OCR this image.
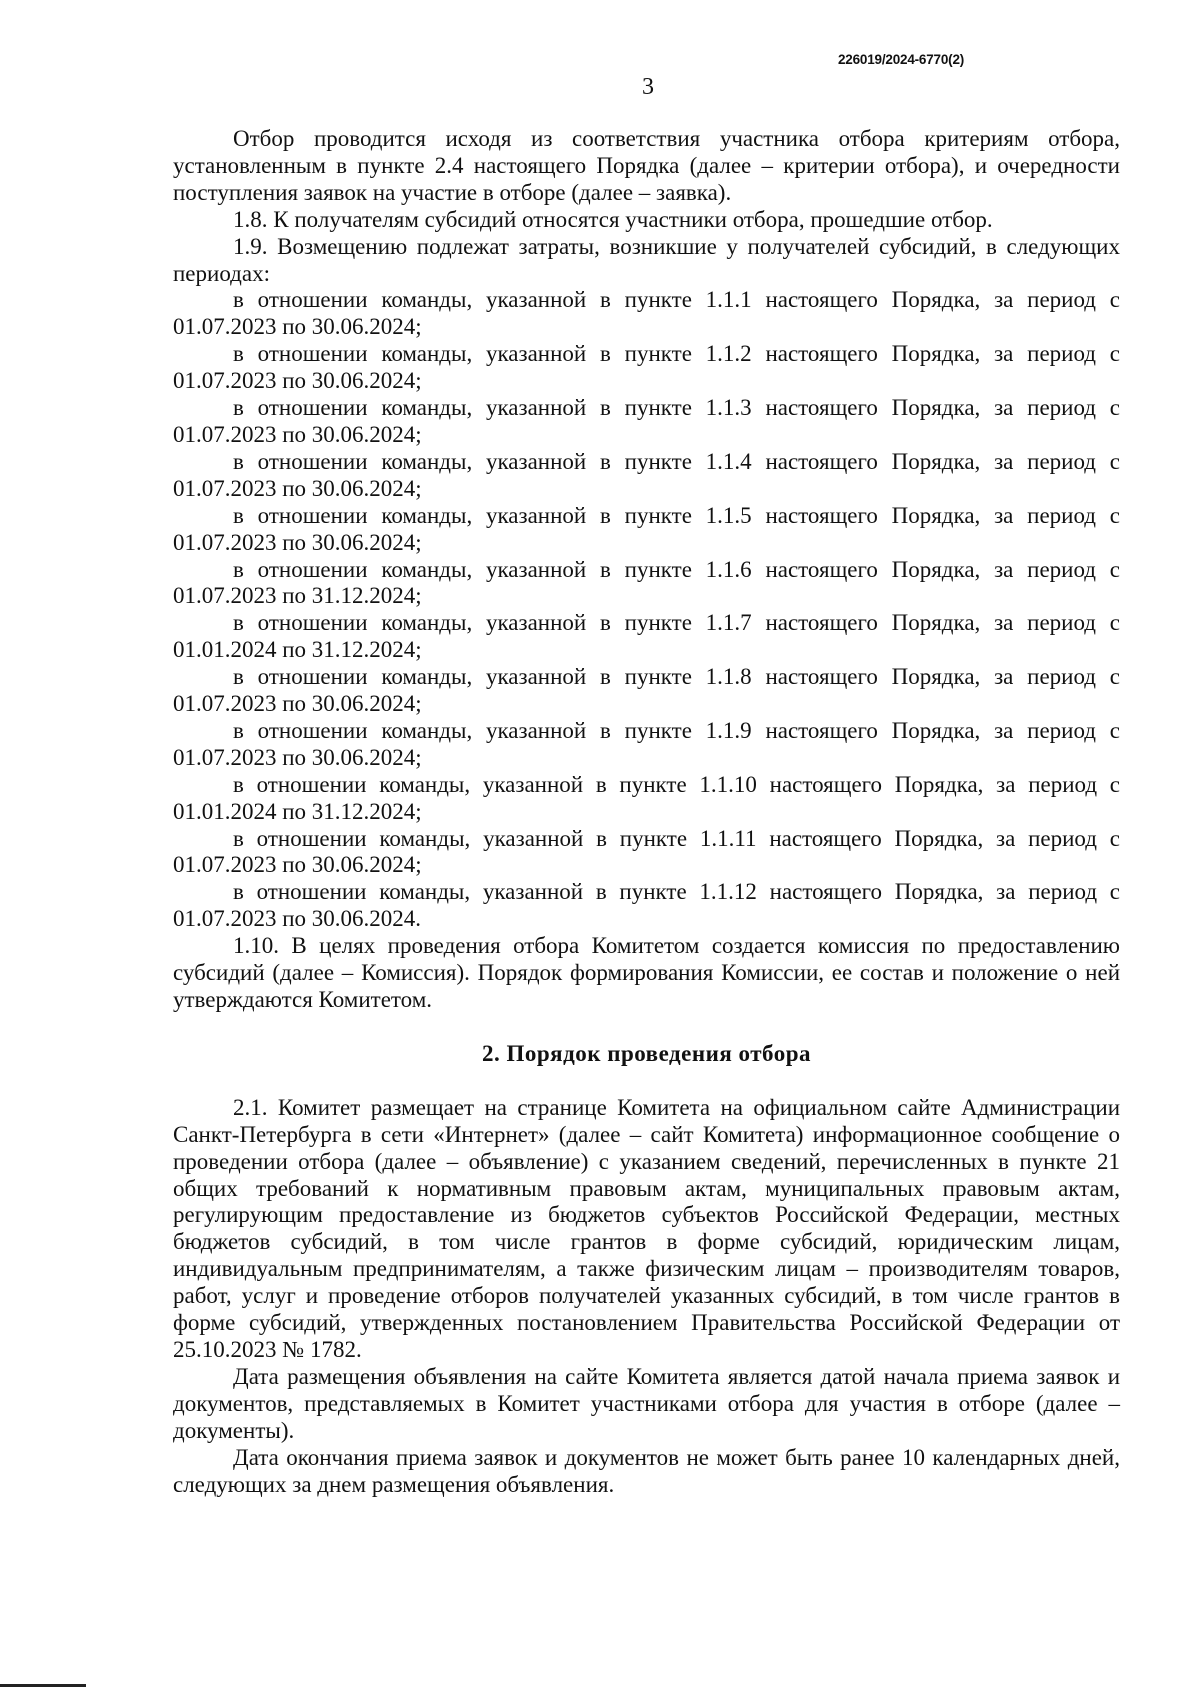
226019/2024-6770(2)
3

Отбор проводится исходя из соответствия участника отбора критериям отбора, установленным в пункте 2.4 настоящего Порядка (далее – критерии отбора), и очередности поступления заявок на участие в отборе (далее – заявка).

1.8. К получателям субсидий относятся участники отбора, прошедшие отбор.

1.9. Возмещению подлежат затраты, возникшие у получателей субсидий, в следующих периодах:

в отношении команды, указанной в пункте 1.1.1 настоящего Порядка, за период с 01.07.2023 по 30.06.2024;

в отношении команды, указанной в пункте 1.1.2 настоящего Порядка, за период с 01.07.2023 по 30.06.2024;

в отношении команды, указанной в пункте 1.1.3 настоящего Порядка, за период с 01.07.2023 по 30.06.2024;

в отношении команды, указанной в пункте 1.1.4 настоящего Порядка, за период с 01.07.2023 по 30.06.2024;

в отношении команды, указанной в пункте 1.1.5 настоящего Порядка, за период с 01.07.2023 по 30.06.2024;

в отношении команды, указанной в пункте 1.1.6 настоящего Порядка, за период с 01.07.2023 по 31.12.2024;

в отношении команды, указанной в пункте 1.1.7 настоящего Порядка, за период с 01.01.2024 по 31.12.2024;

в отношении команды, указанной в пункте 1.1.8 настоящего Порядка, за период с 01.07.2023 по 30.06.2024;

в отношении команды, указанной в пункте 1.1.9 настоящего Порядка, за период с 01.07.2023 по 30.06.2024;

в отношении команды, указанной в пункте 1.1.10 настоящего Порядка, за период с 01.01.2024 по 31.12.2024;

в отношении команды, указанной в пункте 1.1.11 настоящего Порядка, за период с 01.07.2023 по 30.06.2024;

в отношении команды, указанной в пункте 1.1.12 настоящего Порядка, за период с 01.07.2023 по 30.06.2024.

1.10. В целях проведения отбора Комитетом создается комиссия по предоставлению субсидий (далее – Комиссия). Порядок формирования Комиссии, ее состав и положение о ней утверждаются Комитетом.

2. Порядок проведения отбора

2.1. Комитет размещает на странице Комитета на официальном сайте Администрации Санкт-Петербурга в сети «Интернет» (далее – сайт Комитета) информационное сообщение о проведении отбора (далее – объявление) с указанием сведений, перечисленных в пункте 21 общих требований к нормативным правовым актам, муниципальных правовым актам, регулирующим предоставление из бюджетов субъектов Российской Федерации, местных бюджетов субсидий, в том числе грантов в форме субсидий, юридическим лицам, индивидуальным предпринимателям, а также физическим лицам – производителям товаров, работ, услуг и проведение отборов получателей указанных субсидий, в том числе грантов в форме субсидий, утвержденных постановлением Правительства Российской Федерации от 25.10.2023 № 1782.

Дата размещения объявления на сайте Комитета является датой начала приема заявок и документов, представляемых в Комитет участниками отбора для участия в отборе (далее – документы).

Дата окончания приема заявок и документов не может быть ранее 10 календарных дней, следующих за днем размещения объявления.
